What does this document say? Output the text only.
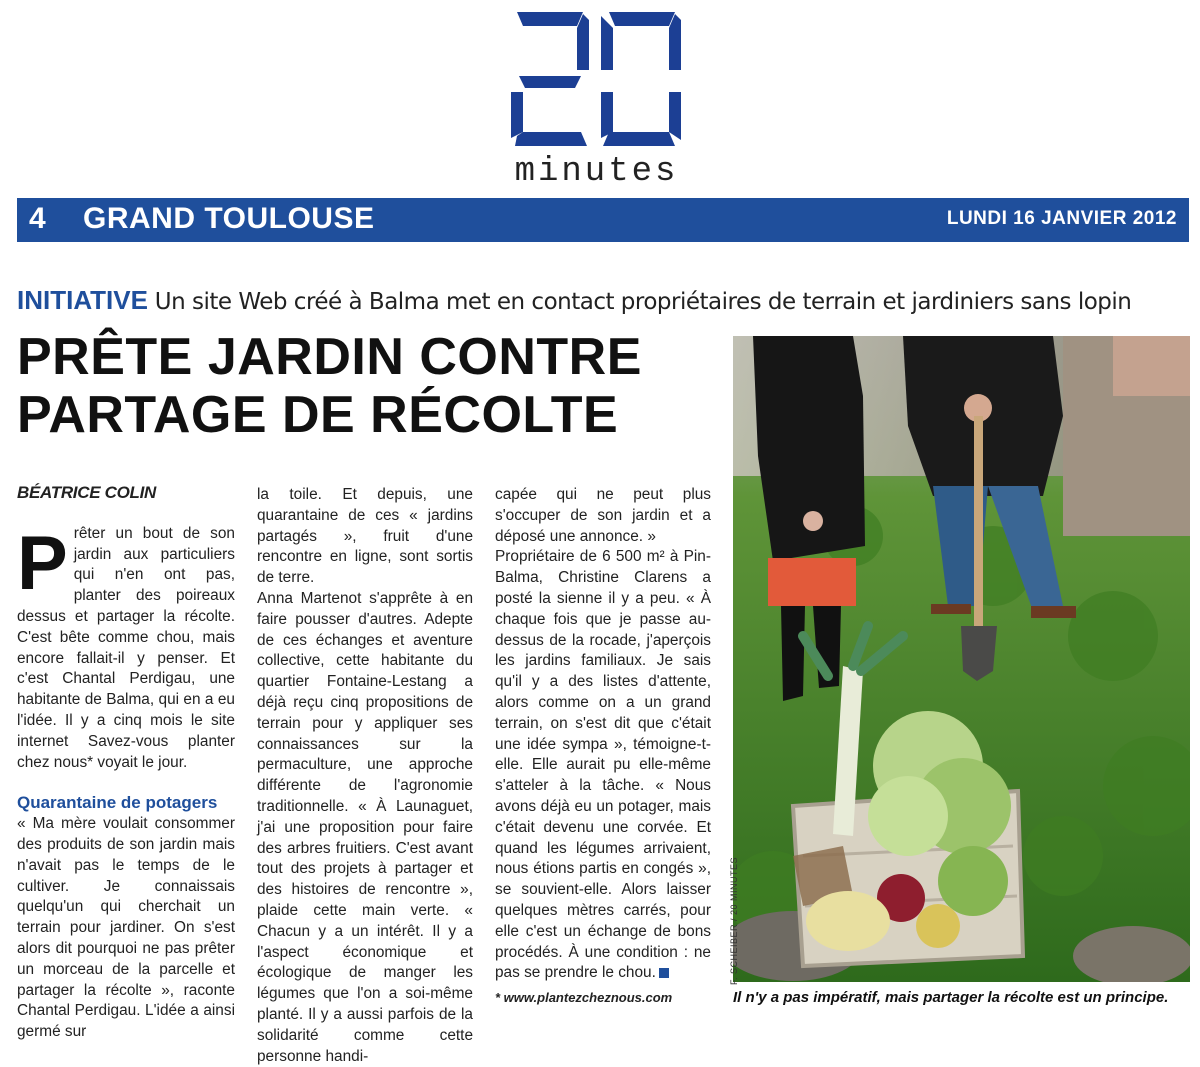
minutes
4 GRAND TOULOUSE	LUNDI 16 JANVIER 2012
INITIATIVE Un site Web créé à Balma met en contact propriétaires de terrain et jardiniers sans lopin
PRÊTE JARDIN CONTRE PARTAGE DE RÉCOLTE

BÉATRICE COLIN

Prêter un bout de son jardin aux particuliers qui n'en ont pas, planter des poireaux dessus et partager la récolte. C'est bête comme chou, mais encore fallait-il y penser. Et c'est Chantal Perdigau, une habitante de Balma, qui en a eu l'idée. Il y a cinq mois le site internet Savez-vous planter chez nous* voyait le jour.

Quarantaine de potagers

« Ma mère voulait consommer des produits de son jardin mais n'avait pas le temps de le cultiver. Je connaissais quelqu'un qui cherchait un terrain pour jardiner. On s'est alors dit pourquoi ne pas prêter un morceau de la parcelle et partager la récolte », raconte Chantal Perdigau. L'idée a ainsi germé sur

la toile. Et depuis, une quarantaine de ces « jardins partagés », fruit d'une rencontre en ligne, sont sortis de terre.

Anna Martenot s'apprête à en faire pousser d'autres. Adepte de ces échanges et aventure collective, cette habitante du quartier Fontaine-Lestang a déjà reçu cinq propositions de terrain pour y appliquer ses connaissances sur la permaculture, une approche différente de l'agronomie traditionnelle. « À Launaguet, j'ai une proposition pour faire des arbres fruitiers. C'est avant tout des projets à partager et des histoires de rencontre », plaide cette main verte. « Chacun y a un intérêt. Il y a l'aspect économique et écologique de manger les légumes que l'on a soi-même planté. Il y a aussi parfois de la solidarité comme cette personne handi-

capée qui ne peut plus s'occuper de son jardin et a déposé une annonce. »

Propriétaire de 6 500 m² à Pin-Balma, Christine Clarens a posté la sienne il y a peu. « À chaque fois que je passe au-dessus de la rocade, j'aperçois les jardins familiaux. Je sais qu'il y a des listes d'attente, alors comme on a un grand terrain, on s'est dit que c'était une idée sympa », témoigne-t-elle. Elle aurait pu elle-même s'atteler à la tâche. « Nous avons déjà eu un potager, mais c'était devenu une corvée. Et quand les légumes arrivaient, nous étions partis en congés », se souvient-elle. Alors laisser quelques mètres carrés, pour elle c'est un échange de bons procédés. À une condition : ne pas se prendre le chou.

* www.plantezcheznous.com

F. SCHEIBER / 20 MINUTES
Il n'y a pas impératif, mais partager la récolte est un principe.
